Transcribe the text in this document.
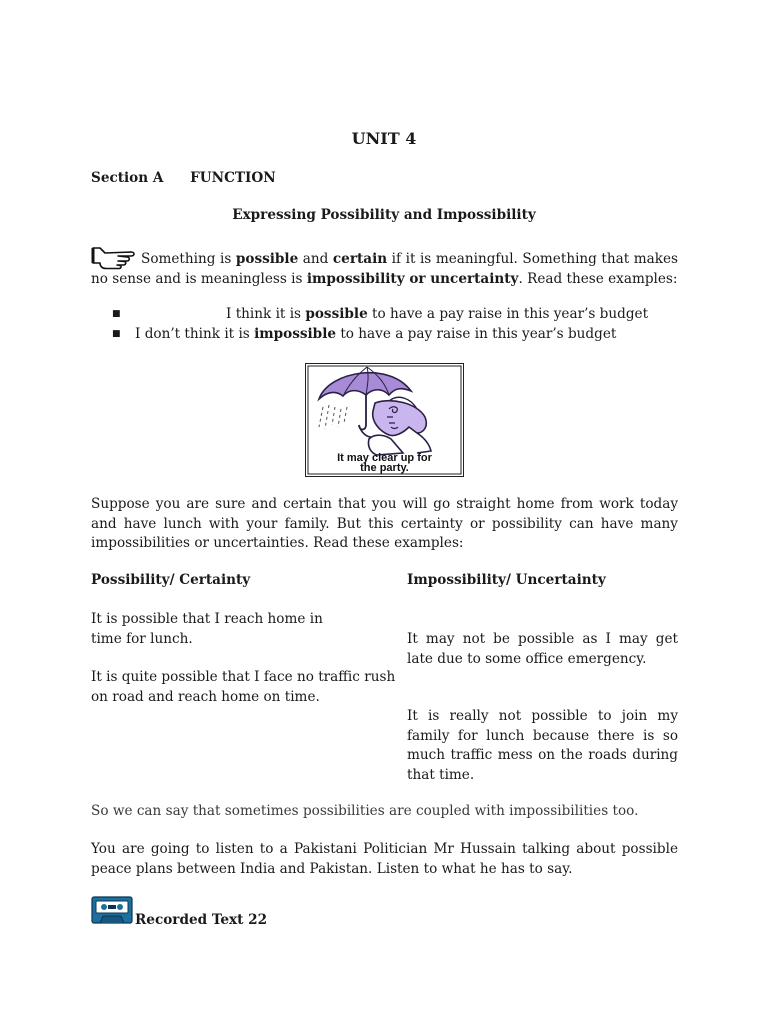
UNIT 4
Section A FUNCTION
Expressing Possibility and Impossibility
Something is possible and certain if it is meaningful. Something that makes no sense and is meaningless is impossibility or uncertainty. Read these examples:
■	I think it is possible to have a pay raise in this year’s budget
■ I don’t think it is impossible to have a pay raise in this year’s budget
It may clear up for
the party.
Suppose you are sure and certain that you will go straight home from work today and have lunch with your family. But this certainty or possibility can have many impossibilities or uncertainties. Read these examples:
Possibility/ Certainty	Impossibility/ Uncertainty
It is possible that I reach home in
time for lunch.
It is quite possible that I face no traffic rush
on road and reach home on time.
It may not be possible as I may get late due to some office emergency.
It is really not possible to join my family for lunch because there is so much traffic mess on the roads during that time.
So we can say that sometimes possibilities are coupled with impossibilities too.
You are going to listen to a Pakistani Politician Mr Hussain talking about possible peace plans between India and Pakistan. Listen to what he has to say.
Recorded Text 22
